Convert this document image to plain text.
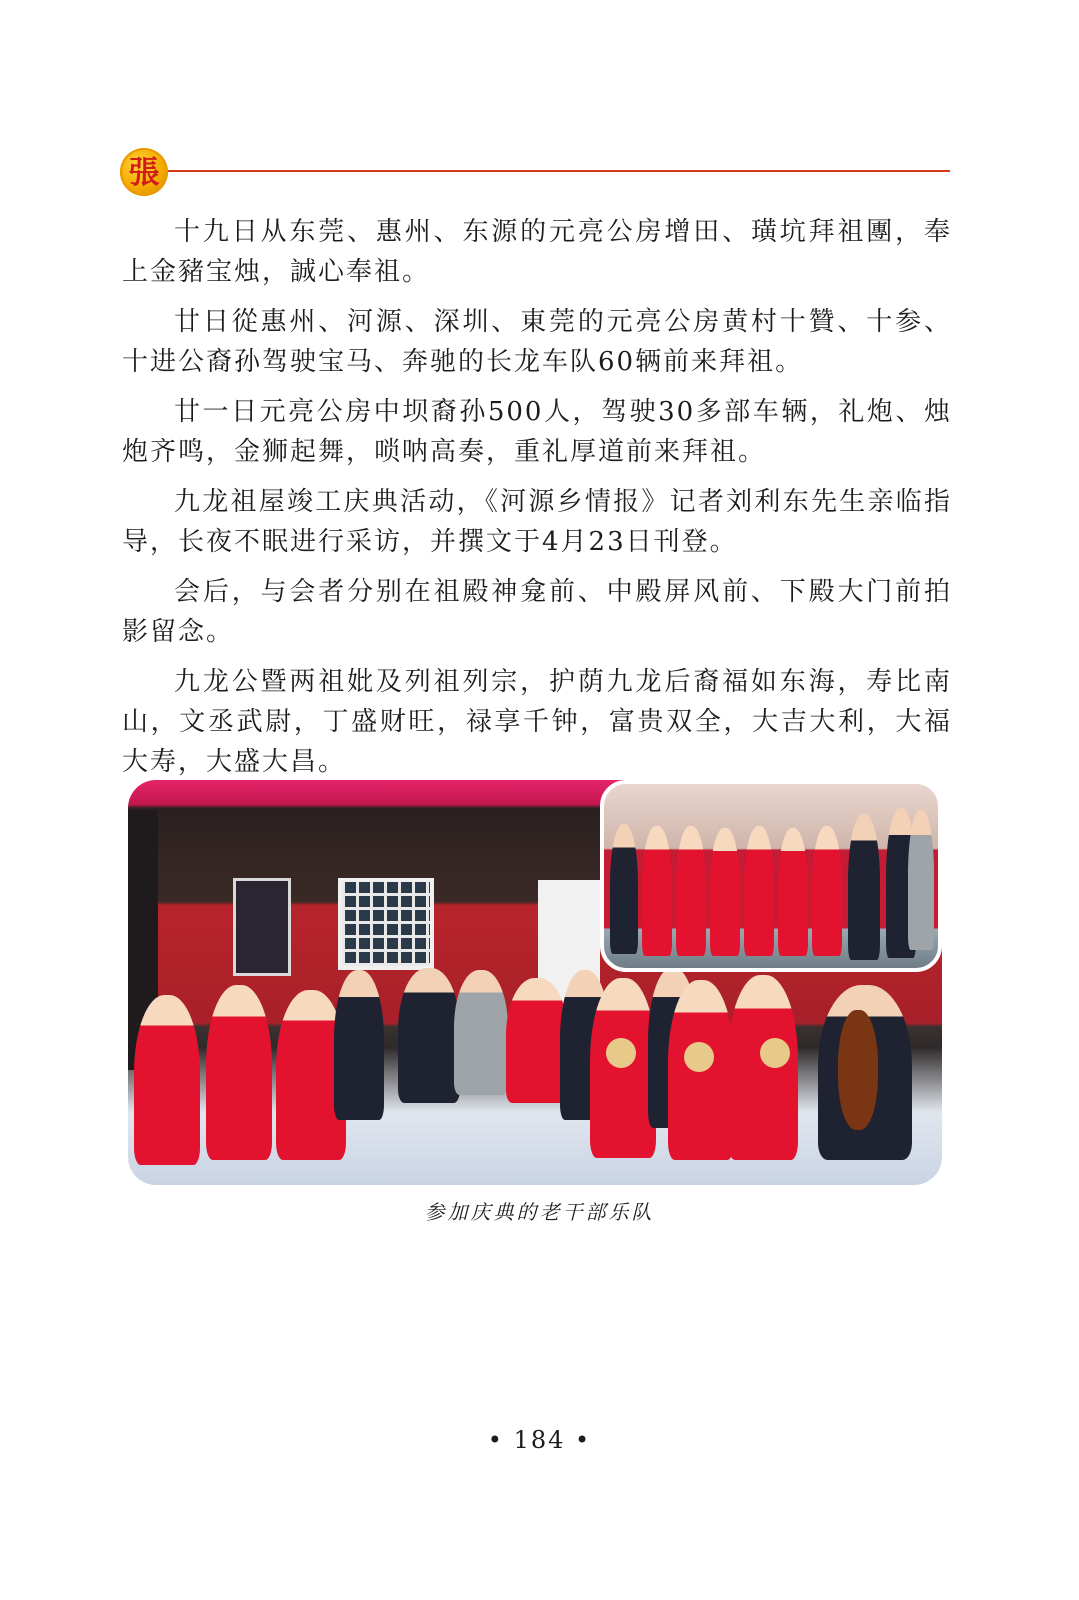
張

十九日从东莞、惠州、东源的元亮公房增田、璜坑拜祖團，奉上金豬宝烛，誠心奉祖。

廿日從惠州、河源、深圳、東莞的元亮公房黄村十贊、十参、十进公裔孙驾驶宝马、奔驰的长龙车队60辆前来拜祖。

廿一日元亮公房中坝裔孙500人，驾驶30多部车辆，礼炮、烛炮齐鸣，金狮起舞，唢呐高奏，重礼厚道前来拜祖。

九龙祖屋竣工庆典活动，《河源乡情报》记者刘利东先生亲临指导，长夜不眠进行采访，并撰文于4月23日刊登。

会后，与会者分别在祖殿神龛前、中殿屏风前、下殿大门前拍影留念。

九龙公暨两祖妣及列祖列宗，护荫九龙后裔福如东海，寿比南山，文丞武尉，丁盛财旺，禄享千钟，富贵双全，大吉大利，大福大寿，大盛大昌。

参加庆典的老干部乐队
• 184 •
